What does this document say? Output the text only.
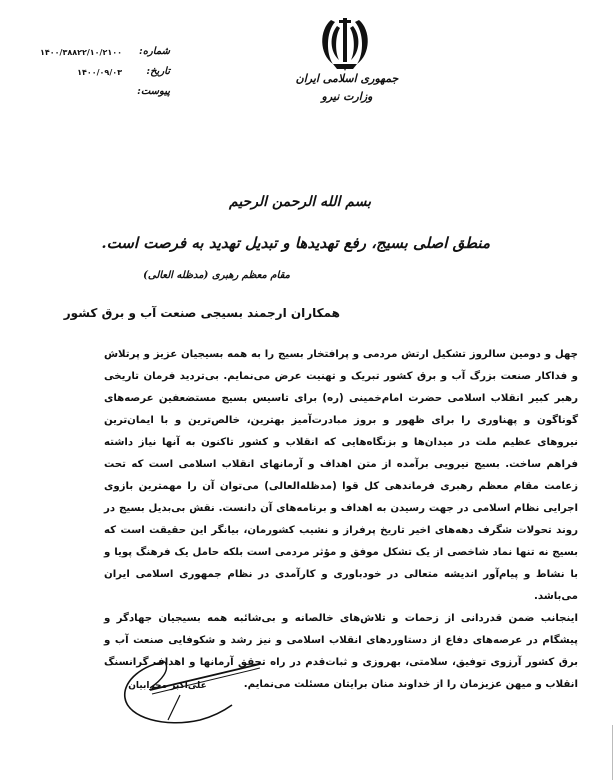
جمهوری اسلامی ایران
وزارت نیرو
شماره:
۱۴۰۰/۳۸۸۲۲/۱۰/۲۱۰۰
تاریخ:
۱۴۰۰/۰۹/۰۳
پیوست:
بسم الله الرحمن الرحیم
منطق اصلی بسیج، رفع تهدیدها و تبدیل تهدید به فرصت است.
مقام معظم رهبری (مدظله العالی)
همکاران ارجمند بسیجی صنعت آب و برق کشور

چهل و دومین سالروز تشکیل ارتش مردمی و پرافتخار بسیج را به همه بسیجیان عزیز و پرتلاش و فداکار صنعت بزرگ آب و برق کشور تبریک و تهنیت عرض می‌نمایم. بی‌تردید فرمان تاریخی رهبر کبیر انقلاب اسلامی حضرت امام‌خمینی (ره) برای تاسیس بسیج مستضعفین عرصه‌های گوناگون و پهناوری را برای ظهور و بروز مبادرت‌آمیز بهترین، خالص‌ترین و با ایمان‌ترین نیروهای عظیم ملت در میدان‌ها و بزنگاه‌هایی که انقلاب و کشور تاکنون به آنها نیاز داشته فراهم ساخت. بسیج نیرویی برآمده از متن اهداف و آرمانهای انقلاب اسلامی است که تحت زعامت مقام معظم رهبری فرماندهی کل قوا (مدظله‌العالی) می‌توان آن را مهمترین بازوی اجرایی نظام اسلامی در جهت رسیدن به اهداف و برنامه‌های آن دانست. نقش بی‌بدیل بسیج در روند تحولات شگرف دهه‌های اخیر تاریخ پرفراز و نشیب کشورمان، بیانگر این حقیقت است که بسیج نه تنها نماد شاخصی از یک تشکل موفق و مؤثر مردمی است بلکه حامل یک فرهنگ پویا و با نشاط و پیام‌آور اندیشه متعالی در خودباوری و کارآمدی در نظام جمهوری اسلامی ایران می‌باشد.

اینجانب ضمن قدردانی از زحمات و تلاش‌های خالصانه و بی‌شائبه همه بسیجیان جهادگر و پیشگام در عرصه‌های دفاع از دستاوردهای انقلاب اسلامی و نیز رشد و شکوفایی صنعت آب و برق کشور آرزوی توفیق، سلامتی، بهروزی و ثبات‌قدم در راه تحقق آرمانها و اهداف گرانسنگ انقلاب و میهن عزیزمان را از خداوند منان برایتان مسئلت می‌نمایم.

علی‌اکبر محرابیان
